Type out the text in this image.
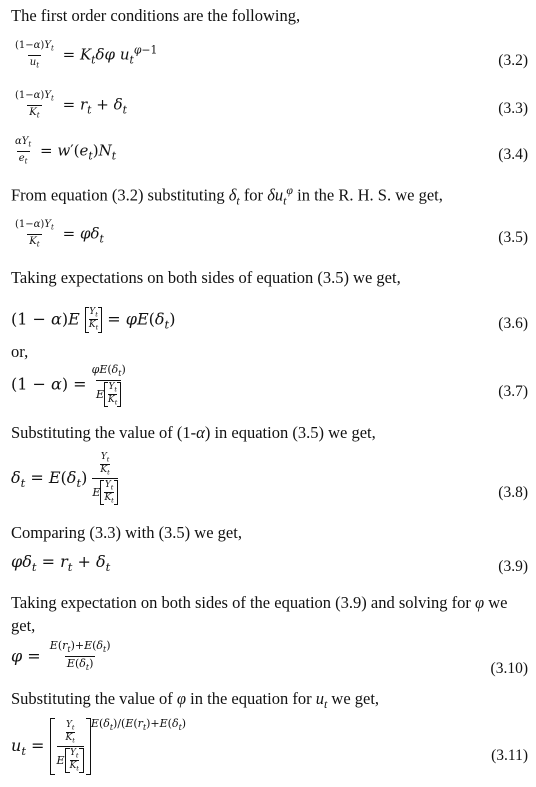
The first order conditions are the following,
$\frac{(1-\alpha)Y_t}{u_t} = K_t\delta\varphi$ $u_t^{\varphi-1}$
(3.2)
$\frac{(1-\alpha)Y_t}{K_t} = r_t + \delta_t$	(3.3)
$\frac{\alpha Y_t}{e_t} = w'(e_t)N_t$	(3.4)
From equation (3.2) substituting $\delta_t$ for $\delta u_t^\varphi$ in the R. H. S. we get,
$\frac{(1-\alpha)Y_t}{K_t} = \varphi\delta_t$	(3.5)
Taking expectations on both sides of equation (3.5) we get,
(1 − α)E $Y_t$
$K_t = \varphi E(\delta_t)$	(3.6)
or,
(1 − α) =
$\varphi E(\delta_t)$
E
$Y_t$
$K_t$
(3.7)
Substituting the value of (1-α) in equation (3.5) we get,
$\delta_t = E(\delta_t) \frac{Y_t}{K_t}$
E
$Y_t$
$K_t$	(3.8)
Comparing (3.3) with (3.5) we get,
$\varphi\delta_t = r_t + \delta_t$	(3.9)
Taking expectation on both sides of the equation (3.9) and solving for φ we
get,
$\varphi = \frac{E(r_t)+E(\delta_t)}{E(\delta_t)}$	(3.10)
Substituting the value of φ in the equation for $u_t$ we get,
$u_t = \frac{Y_t}{K_t}$
E
$Y_t$
$K_t$
$^{E(\delta_t)/(E(r_t)+E(\delta_t)}$
(3.11)
